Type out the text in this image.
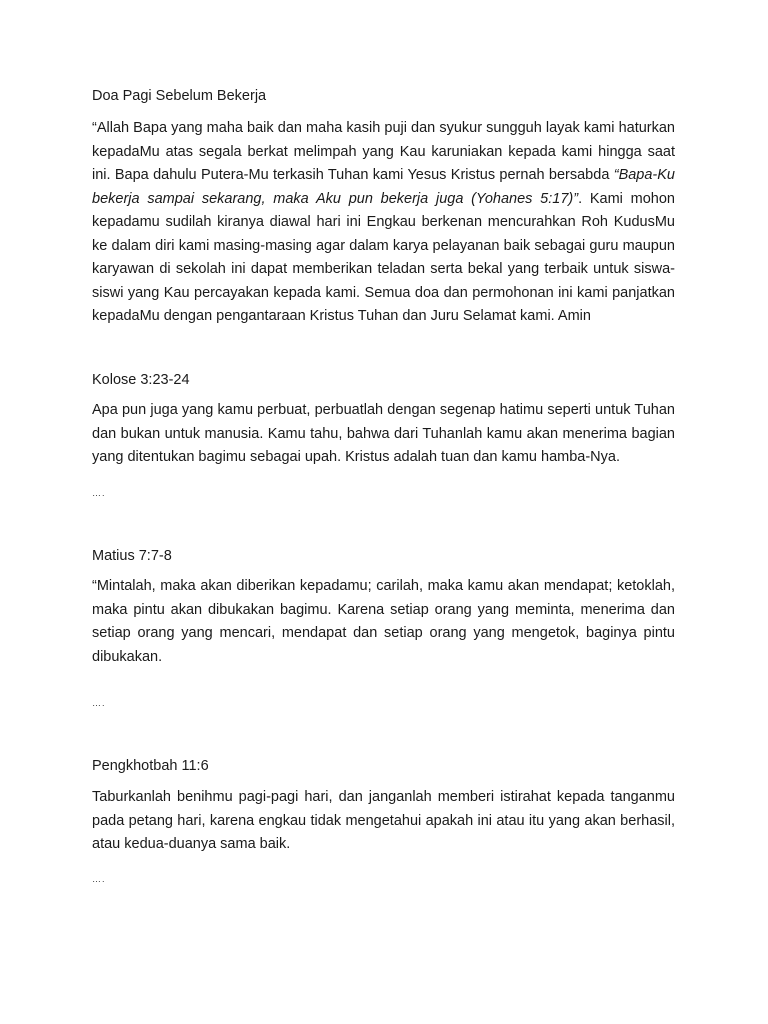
Doa Pagi Sebelum Bekerja
“Allah Bapa yang maha baik dan maha kasih puji dan syukur sungguh layak kami haturkan kepadaMu atas segala berkat melimpah yang Kau karuniakan kepada kami hingga saat ini. Bapa dahulu Putera-Mu terkasih Tuhan kami Yesus Kristus pernah bersabda “Bapa-Ku bekerja sampai sekarang, maka Aku pun bekerja juga (Yohanes 5:17)”. Kami mohon kepadamu sudilah kiranya diawal hari ini Engkau berkenan mencurahkan Roh KudusMu ke dalam diri kami masing-masing agar dalam karya pelayanan baik sebagai guru maupun karyawan di sekolah ini dapat memberikan teladan serta bekal yang terbaik untuk siswa-siswi yang Kau percayakan kepada kami. Semua doa dan permohonan ini kami panjatkan kepadaMu dengan pengantaraan Kristus Tuhan dan Juru Selamat kami. Amin
Kolose 3:23-24
Apa pun juga yang kamu perbuat, perbuatlah dengan segenap hatimu seperti untuk Tuhan dan bukan untuk manusia. Kamu tahu, bahwa dari Tuhanlah kamu akan menerima bagian yang ditentukan bagimu sebagai upah. Kristus adalah tuan dan kamu hamba-Nya.
….
Matius 7:7-8
“Mintalah, maka akan diberikan kepadamu; carilah, maka kamu akan mendapat; ketoklah, maka pintu akan dibukakan bagimu. Karena setiap orang yang meminta, menerima dan setiap orang yang mencari, mendapat dan setiap orang yang mengetok, baginya pintu dibukakan.
….
Pengkhotbah 11:6
Taburkanlah benihmu pagi-pagi hari, dan janganlah memberi istirahat kepada tanganmu pada petang hari, karena engkau tidak mengetahui apakah ini atau itu yang akan berhasil, atau kedua-duanya sama baik.
….
